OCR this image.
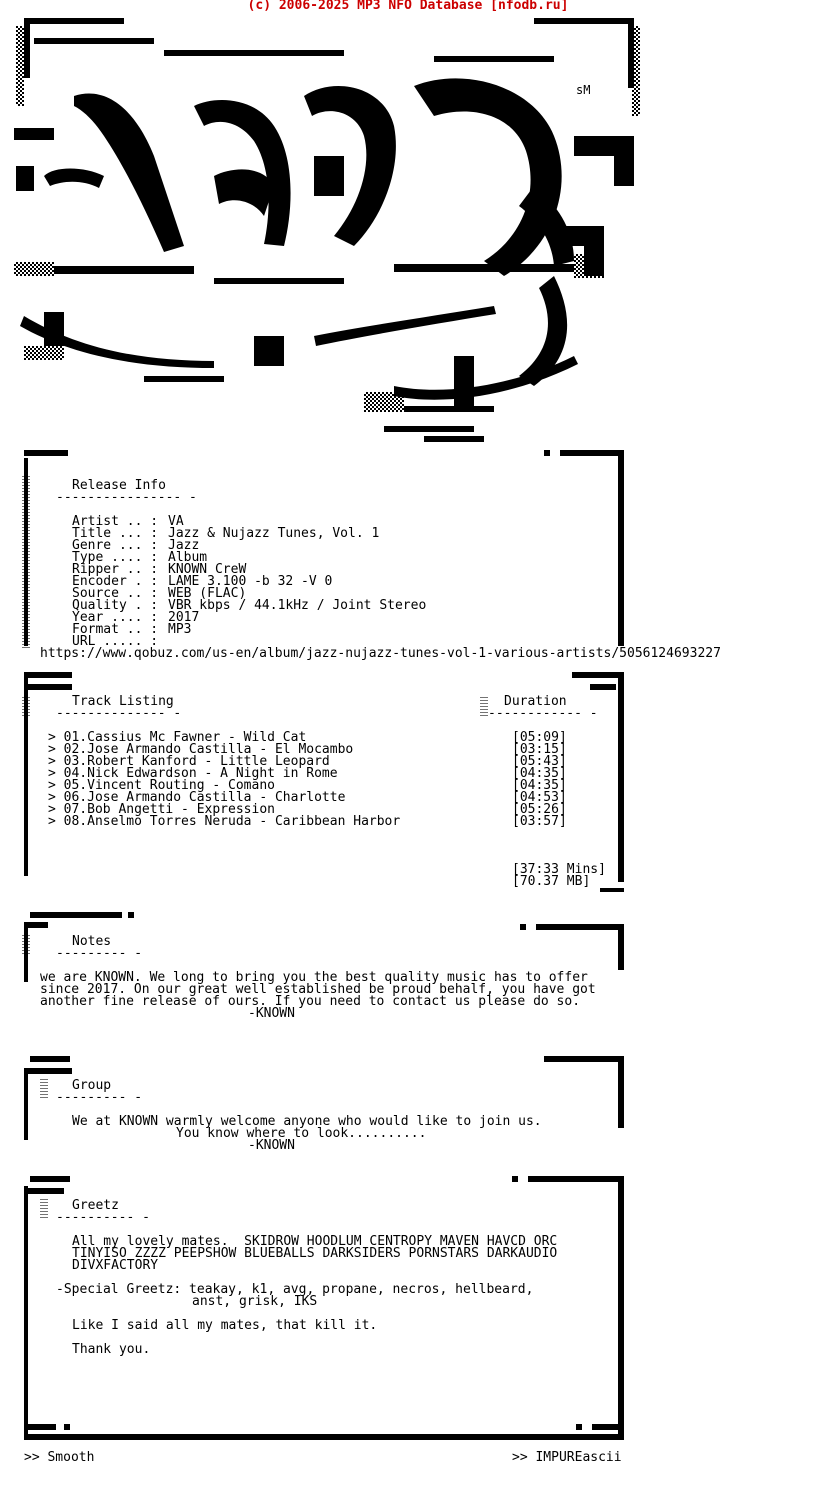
(c) 2006-2025 MP3 NFO Database [nfodb.ru]
sM
Release Info
---------------- -
Artist .. : VA
Title ... : Jazz & Nujazz Tunes, Vol. 1
Genre ... : Jazz
Type .... : Album
Ripper .. : KNOWN CreW
Encoder . : LAME 3.100 -b 32 -V 0
Source .. : WEB (FLAC)
Quality . : VBR kbps / 44.1kHz / Joint Stereo
Year .... : 2017
Format .. : MP3
URL ..... :
https://www.qobuz.com/us-en/album/jazz-nujazz-tunes-vol-1-various-artists/5056124693227
Track Listing
-------------- -
Duration
------------ -
> 01.Cassius Mc Fawner - Wild Cat	[05:09]
> 02.Jose Armando Castilla - El Mocambo	[03:15]
> 03.Robert Kanford - Little Leopard	[05:43]
> 04.Nick Edwardson - A Night in Rome	[04:35]
> 05.Vincent Routing - Comano	[04:35]
> 06.Jose Armando Castilla - Charlotte	[04:53]
> 07.Bob Angetti - Expression	[05:26]
> 08.Anselmo Torres Neruda - Caribbean Harbor	[03:57]
[37:33 Mins]
[70.37 MB]
Notes
--------- -
we are KNOWN. We long to bring you the best quality music has to offer
since 2017. On our great well established be proud behalf, you have got
another fine release of ours. If you need to contact us please do so.
-KNOWN
Group
--------- -
We at KNOWN warmly welcome anyone who would like to join us.
You know where to look..........
-KNOWN
Greetz
---------- -
All my lovely mates.  SKIDROW HOODLUM CENTROPY MAVEN HAVCD ORC
TINYISO ZZZZ PEEPSHOW BLUEBALLS DARKSIDERS PORNSTARS DARKAUDIO
DIVXFACTORY
-Special Greetz: teakay, k1, avg, propane, necros, hellbeard,
anst, grisk, IKS
Like I said all my mates, that kill it.
Thank you.
>> Smooth	>> IMPUREascii
